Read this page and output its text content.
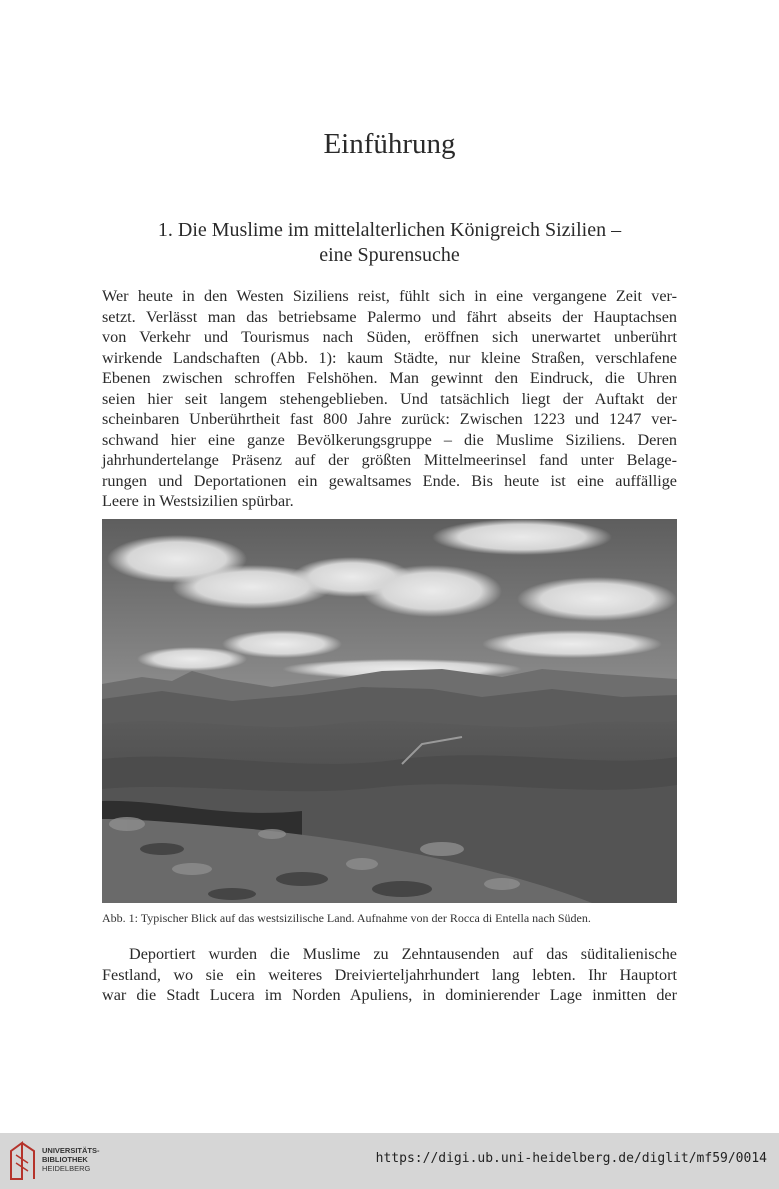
Einführung
1. Die Muslime im mittelalterlichen Königreich Sizilien –
eine Spurensuche

Wer heute in den Westen Siziliens reist, fühlt sich in eine vergangene Zeit ver-
setzt. Verlässt man das betriebsame Palermo und fährt abseits der Hauptachsen
von Verkehr und Tourismus nach Süden, eröffnen sich unerwartet unberührt
wirkende Landschaften (Abb. 1): kaum Städte, nur kleine Straßen, verschlafene
Ebenen zwischen schroffen Felshöhen. Man gewinnt den Eindruck, die Uhren
seien hier seit langem stehengeblieben. Und tatsächlich liegt der Auftakt der
scheinbaren Unberührtheit fast 800 Jahre zurück: Zwischen 1223 und 1247 ver-
schwand hier eine ganze Bevölkerungsgruppe – die Muslime Siziliens. Deren
jahrhundertelange Präsenz auf der größten Mittelmeerinsel fand unter Belage-
rungen und Deportationen ein gewaltsames Ende. Bis heute ist eine auffällige
Leere in Westsizilien spürbar.

Abb. 1: Typischer Blick auf das westsizilische Land. Aufnahme von der Rocca di Entella nach Süden.

Deportiert wurden die Muslime zu Zehntausenden auf das süditalienische
Festland, wo sie ein weiteres Dreivierteljahrhundert lang lebten. Ihr Hauptort
war die Stadt Lucera im Norden Apuliens, in dominierender Lage inmitten der

UNIVERSITÄTS-
BIBLIOTHEK
HEIDELBERG
https://digi.ub.uni-heidelberg.de/diglit/mf59/0014
